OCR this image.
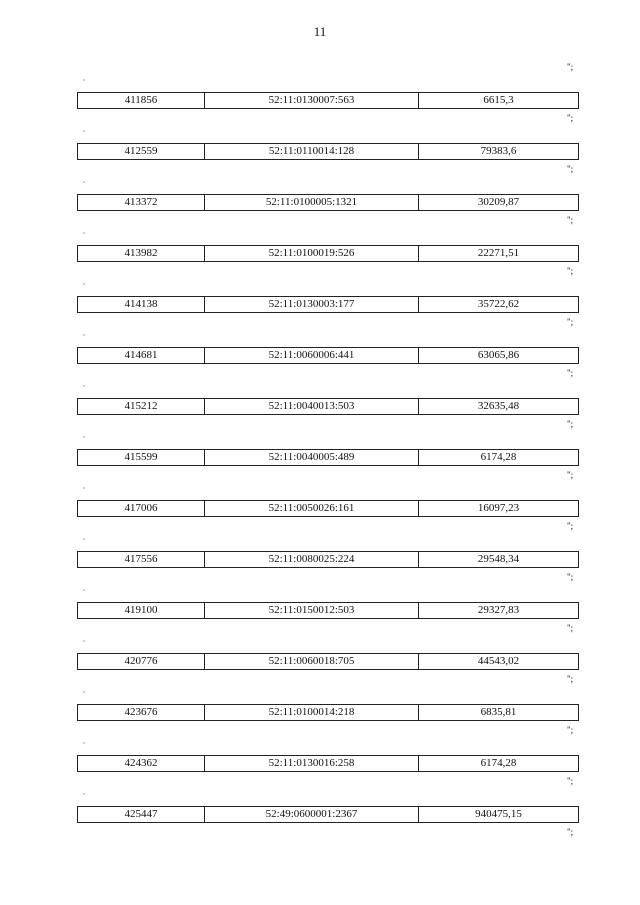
11
"
";
411856	52:11:0130007:563	6615,3
";
"
412559	52:11:0110014:128	79383,6
";
"
413372	52:11:0100005:1321	30209,87
";
"
413982	52:11:0100019:526	22271,51
";
"
414138	52:11:0130003:177	35722,62
";
"
414681	52:11:0060006:441	63065,86
";
"
415212	52:11:0040013:503	32635,48
";
"
415599	52:11:0040005:489	6174,28
";
"
417006	52:11:0050026:161	16097,23
";
"
417556	52:11:0080025:224	29548,34
";
"
419100	52:11:0150012:503	29327,83
";
"
420776	52:11:0060018:705	44543,02
";
"
423676	52:11:0100014:218	6835,81
";
"
424362	52:11:0130016:258	6174,28
";
"
425447	52:49:0600001:2367	940475,15
";
